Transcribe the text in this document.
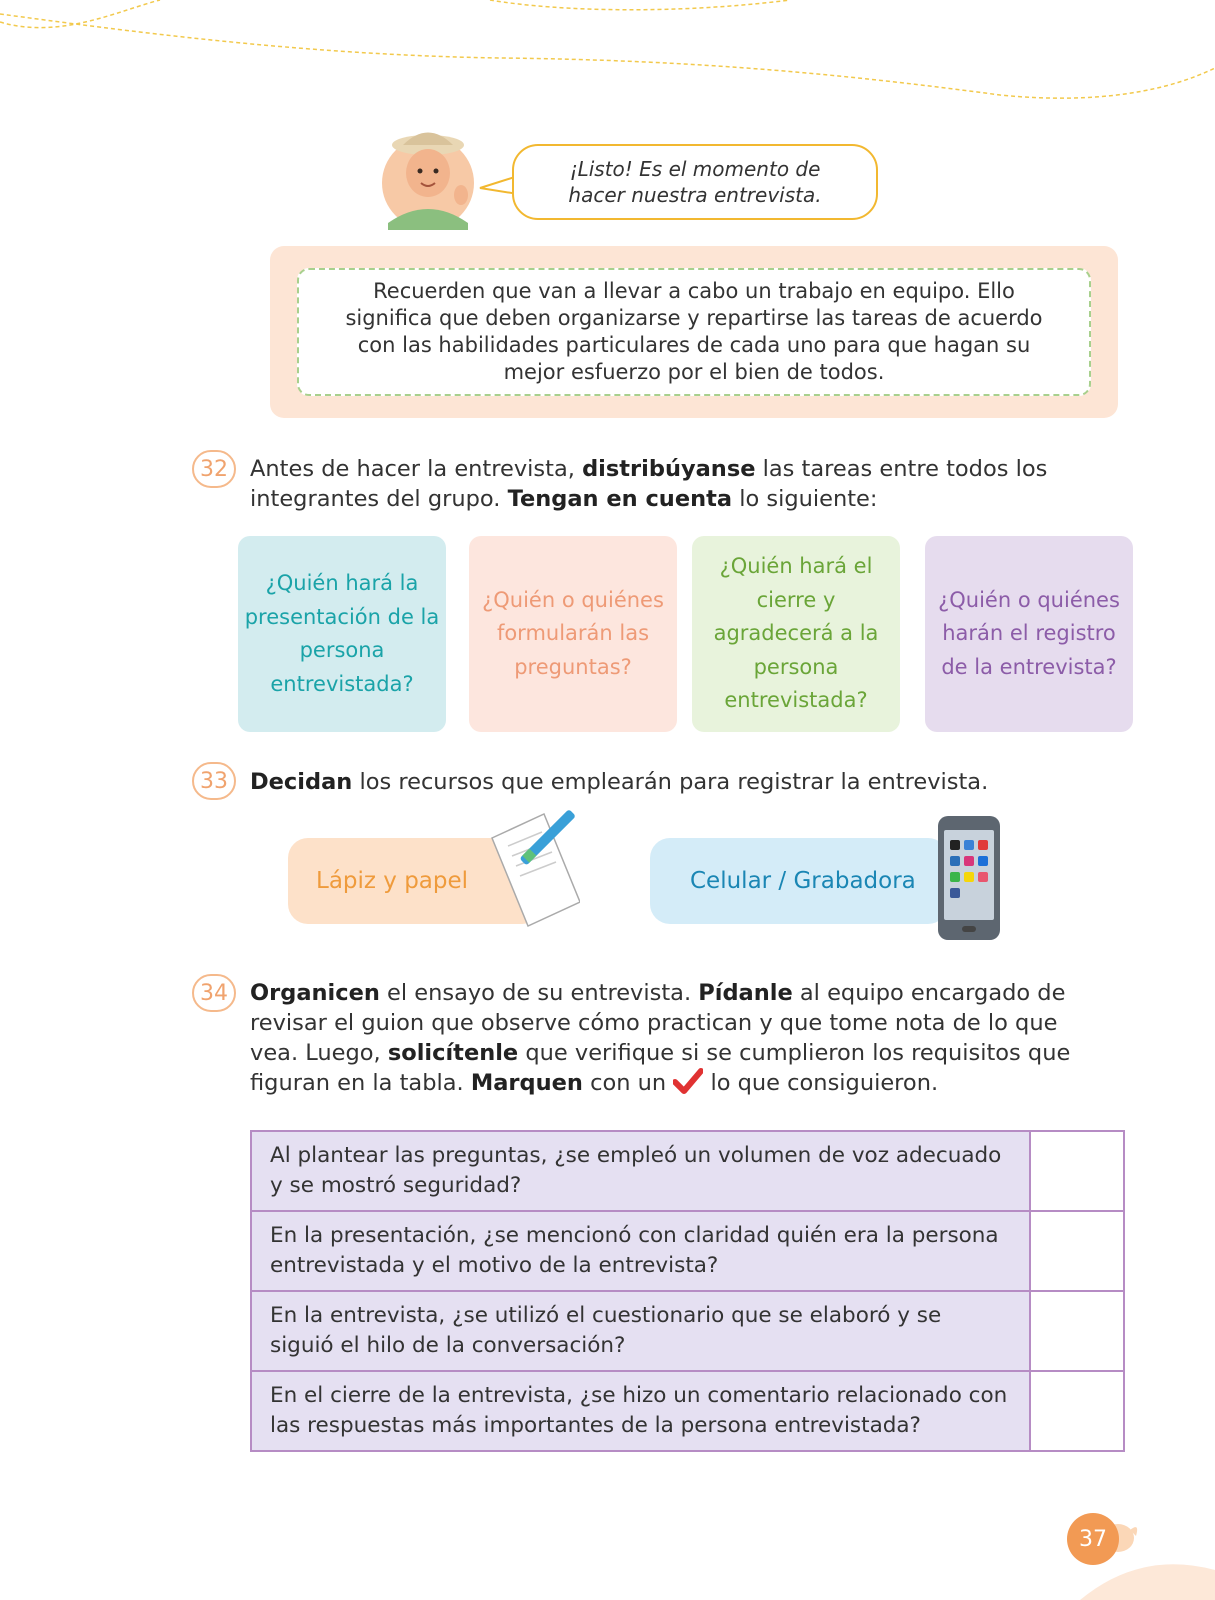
¡Listo! Es el momento de
hacer nuestra entrevista.
Recuerden que van a llevar a cabo un trabajo en equipo. Ello significa que deben organizarse y repartirse las tareas de acuerdo con las habilidades particulares de cada uno para que hagan su mejor esfuerzo por el bien de todos.
32 Antes de hacer la entrevista, distribúyanse las tareas entre todos los integrantes del grupo. Tengan en cuenta lo siguiente:
¿Quién hará la presentación de la persona entrevistada?
¿Quién o quiénes formularán las preguntas?
¿Quién hará el cierre y agradecerá a la persona entrevistada?
¿Quién o quiénes harán el registro de la entrevista?
33 Decidan los recursos que emplearán para registrar la entrevista.
Lápiz y papel	Celular / Grabadora
34 Organicen el ensayo de su entrevista. Pídanle al equipo encargado de revisar el guion que observe cómo practican y que tome nota de lo que vea. Luego, solicítenle que verifique si se cumplieron los requisitos que figuran en la tabla. Marquen con un  lo que consiguieron.
Al plantear las preguntas, ¿se empleó un volumen de voz adecuado y se mostró seguridad?	
En la presentación, ¿se mencionó con claridad quién era la persona entrevistada y el motivo de la entrevista?	
En la entrevista, ¿se utilizó el cuestionario que se elaboró y se siguió el hilo de la conversación?	
En el cierre de la entrevista, ¿se hizo un comentario relacionado con las respuestas más importantes de la persona entrevistada?	
37
